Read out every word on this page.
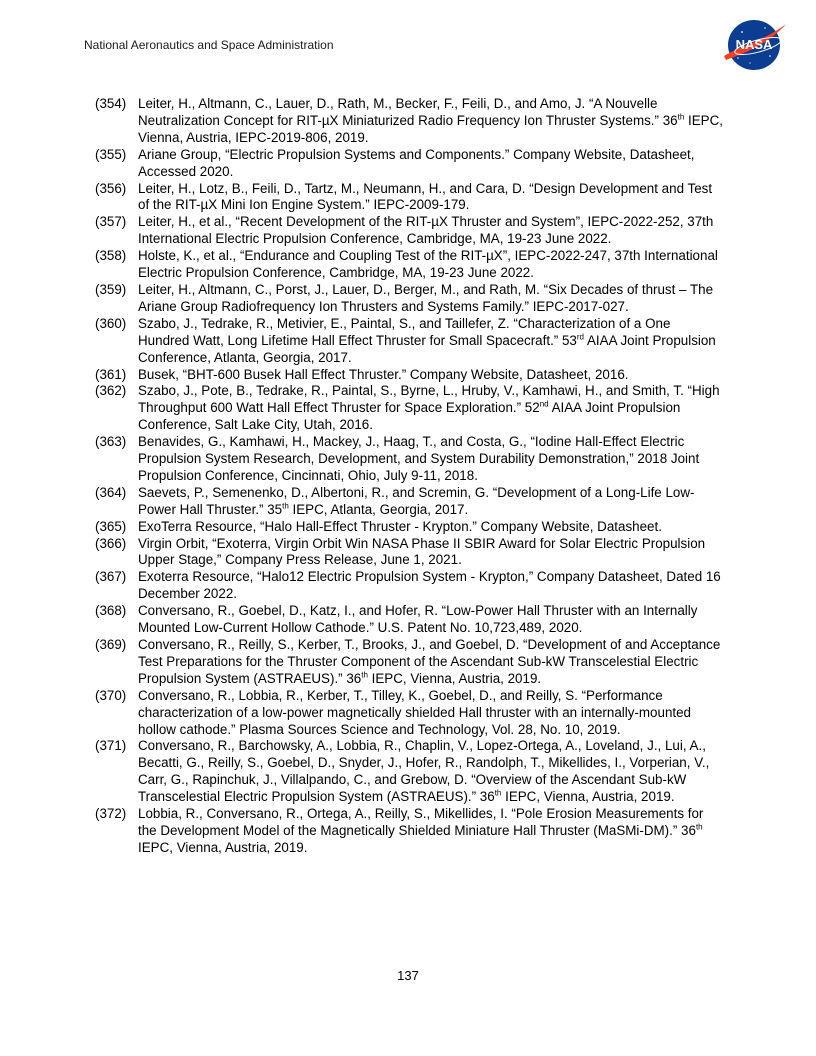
National Aeronautics and Space Administration	NASA
(354) Leiter, H., Altmann, C., Lauer, D., Rath, M., Becker, F., Feili, D., and Amo, J. “A Nouvelle Neutralization Concept for RIT-µX Miniaturized Radio Frequency Ion Thruster Systems.” 36th IEPC, Vienna, Austria, IEPC-2019-806, 2019.
(355) Ariane Group, “Electric Propulsion Systems and Components.” Company Website, Datasheet, Accessed 2020.
(356) Leiter, H., Lotz, B., Feili, D., Tartz, M., Neumann, H., and Cara, D. “Design Development and Test of the RIT-µX Mini Ion Engine System.” IEPC-2009-179.
(357) Leiter, H., et al., “Recent Development of the RIT-µX Thruster and System”, IEPC-2022-252, 37th International Electric Propulsion Conference, Cambridge, MA, 19-23 June 2022.
(358) Holste, K., et al., “Endurance and Coupling Test of the RIT-µX”, IEPC-2022-247, 37th International Electric Propulsion Conference, Cambridge, MA, 19-23 June 2022.
(359) Leiter, H., Altmann, C., Porst, J., Lauer, D., Berger, M., and Rath, M. “Six Decades of thrust – The Ariane Group Radiofrequency Ion Thrusters and Systems Family.” IEPC-2017-027.
(360) Szabo, J., Tedrake, R., Metivier, E., Paintal, S., and Taillefer, Z. “Characterization of a One Hundred Watt, Long Lifetime Hall Effect Thruster for Small Spacecraft.” 53rd AIAA Joint Propulsion Conference, Atlanta, Georgia, 2017.
(361) Busek, “BHT-600 Busek Hall Effect Thruster.” Company Website, Datasheet, 2016.
(362) Szabo, J., Pote, B., Tedrake, R., Paintal, S., Byrne, L., Hruby, V., Kamhawi, H., and Smith, T. “High Throughput 600 Watt Hall Effect Thruster for Space Exploration.” 52nd AIAA Joint Propulsion Conference, Salt Lake City, Utah, 2016.
(363) Benavides, G., Kamhawi, H., Mackey, J., Haag, T., and Costa, G., “Iodine Hall-Effect Electric Propulsion System Research, Development, and System Durability Demonstration,” 2018 Joint Propulsion Conference, Cincinnati, Ohio, July 9-11, 2018.
(364) Saevets, P., Semenenko, D., Albertoni, R., and Scremin, G. “Development of a Long-Life Low-Power Hall Thruster.” 35th IEPC, Atlanta, Georgia, 2017.
(365) ExoTerra Resource, “Halo Hall-Effect Thruster - Krypton.” Company Website, Datasheet.
(366) Virgin Orbit, “Exoterra, Virgin Orbit Win NASA Phase II SBIR Award for Solar Electric Propulsion Upper Stage,” Company Press Release, June 1, 2021.
(367) Exoterra Resource, “Halo12 Electric Propulsion System - Krypton,” Company Datasheet, Dated 16 December 2022.
(368) Conversano, R., Goebel, D., Katz, I., and Hofer, R. “Low-Power Hall Thruster with an Internally Mounted Low-Current Hollow Cathode.” U.S. Patent No. 10,723,489, 2020.
(369) Conversano, R., Reilly, S., Kerber, T., Brooks, J., and Goebel, D. “Development of and Acceptance Test Preparations for the Thruster Component of the Ascendant Sub-kW Transcelestial Electric Propulsion System (ASTRAEUS).” 36th IEPC, Vienna, Austria, 2019.
(370) Conversano, R., Lobbia, R., Kerber, T., Tilley, K., Goebel, D., and Reilly, S. “Performance characterization of a low-power magnetically shielded Hall thruster with an internally-mounted hollow cathode.” Plasma Sources Science and Technology, Vol. 28, No. 10, 2019.
(371) Conversano, R., Barchowsky, A., Lobbia, R., Chaplin, V., Lopez-Ortega, A., Loveland, J., Lui, A., Becatti, G., Reilly, S., Goebel, D., Snyder, J., Hofer, R., Randolph, T., Mikellides, I., Vorperian, V., Carr, G., Rapinchuk, J., Villalpando, C., and Grebow, D. “Overview of the Ascendant Sub-kW Transcelestial Electric Propulsion System (ASTRAEUS).” 36th IEPC, Vienna, Austria, 2019.
(372) Lobbia, R., Conversano, R., Ortega, A., Reilly, S., Mikellides, I. “Pole Erosion Measurements for the Development Model of the Magnetically Shielded Miniature Hall Thruster (MaSMi-DM).” 36th IEPC, Vienna, Austria, 2019.
137
